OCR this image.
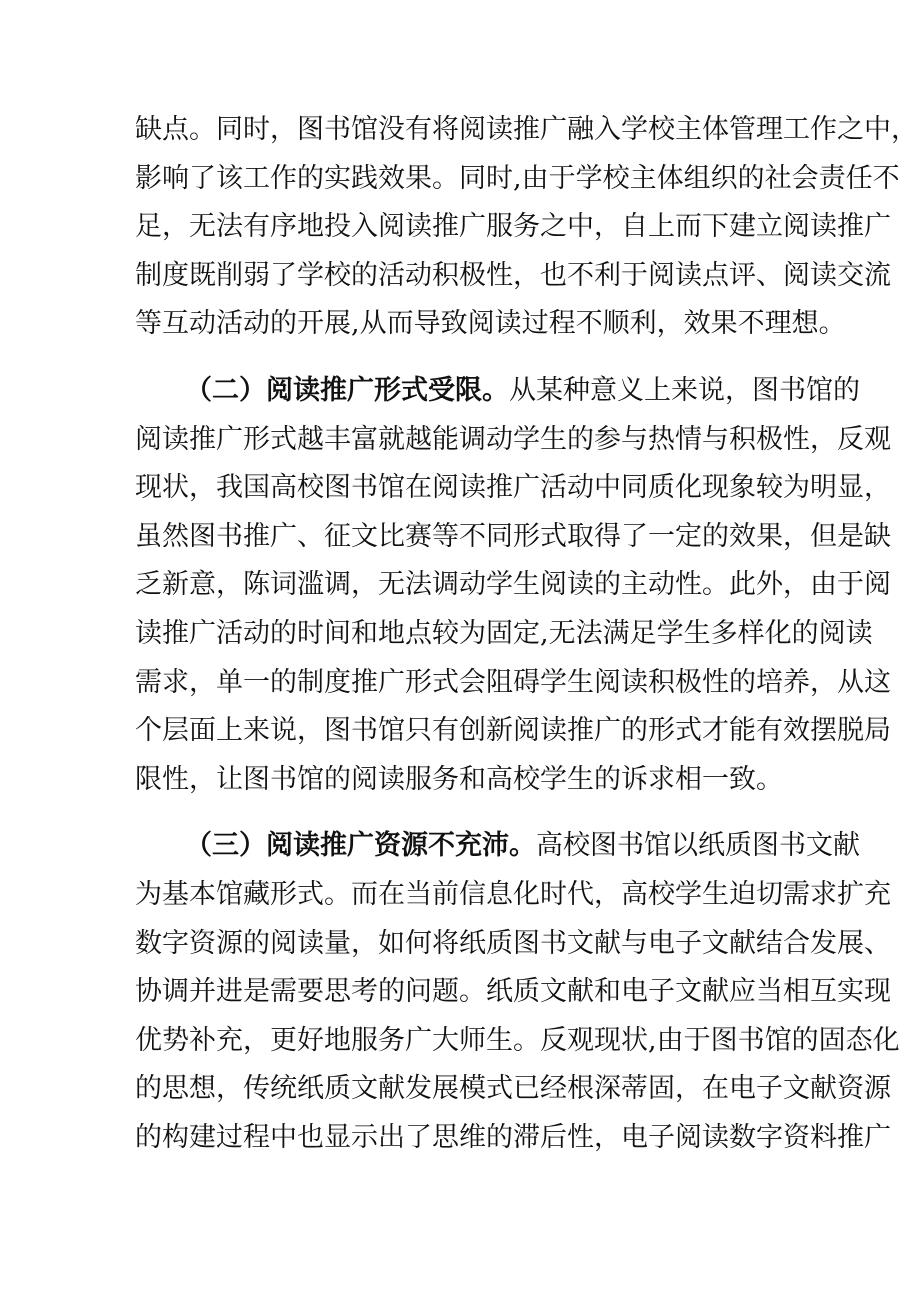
缺点。同时，图书馆没有将阅读推广融入学校主体管理工作之中，
影响了该工作的实践效果。同时,由于学校主体组织的社会责任不
足，无法有序地投入阅读推广服务之中，自上而下建立阅读推广
制度既削弱了学校的活动积极性，也不利于阅读点评、阅读交流
等互动活动的开展,从而导致阅读过程不顺利，效果不理想。
（二）阅读推广形式受限。从某种意义上来说，图书馆的
阅读推广形式越丰富就越能调动学生的参与热情与积极性，反观
现状，我国高校图书馆在阅读推广活动中同质化现象较为明显，
虽然图书推广、征文比赛等不同形式取得了一定的效果，但是缺
乏新意，陈词滥调，无法调动学生阅读的主动性。此外，由于阅
读推广活动的时间和地点较为固定,无法满足学生多样化的阅读
需求，单一的制度推广形式会阻碍学生阅读积极性的培养，从这
个层面上来说，图书馆只有创新阅读推广的形式才能有效摆脱局
限性，让图书馆的阅读服务和高校学生的诉求相一致。
（三）阅读推广资源不充沛。高校图书馆以纸质图书文献
为基本馆藏形式。而在当前信息化时代，高校学生迫切需求扩充
数字资源的阅读量，如何将纸质图书文献与电子文献结合发展、
协调并进是需要思考的问题。纸质文献和电子文献应当相互实现
优势补充，更好地服务广大师生。反观现状,由于图书馆的固态化
的思想，传统纸质文献发展模式已经根深蒂固，在电子文献资源
的构建过程中也显示出了思维的滞后性，电子阅读数字资料推广
